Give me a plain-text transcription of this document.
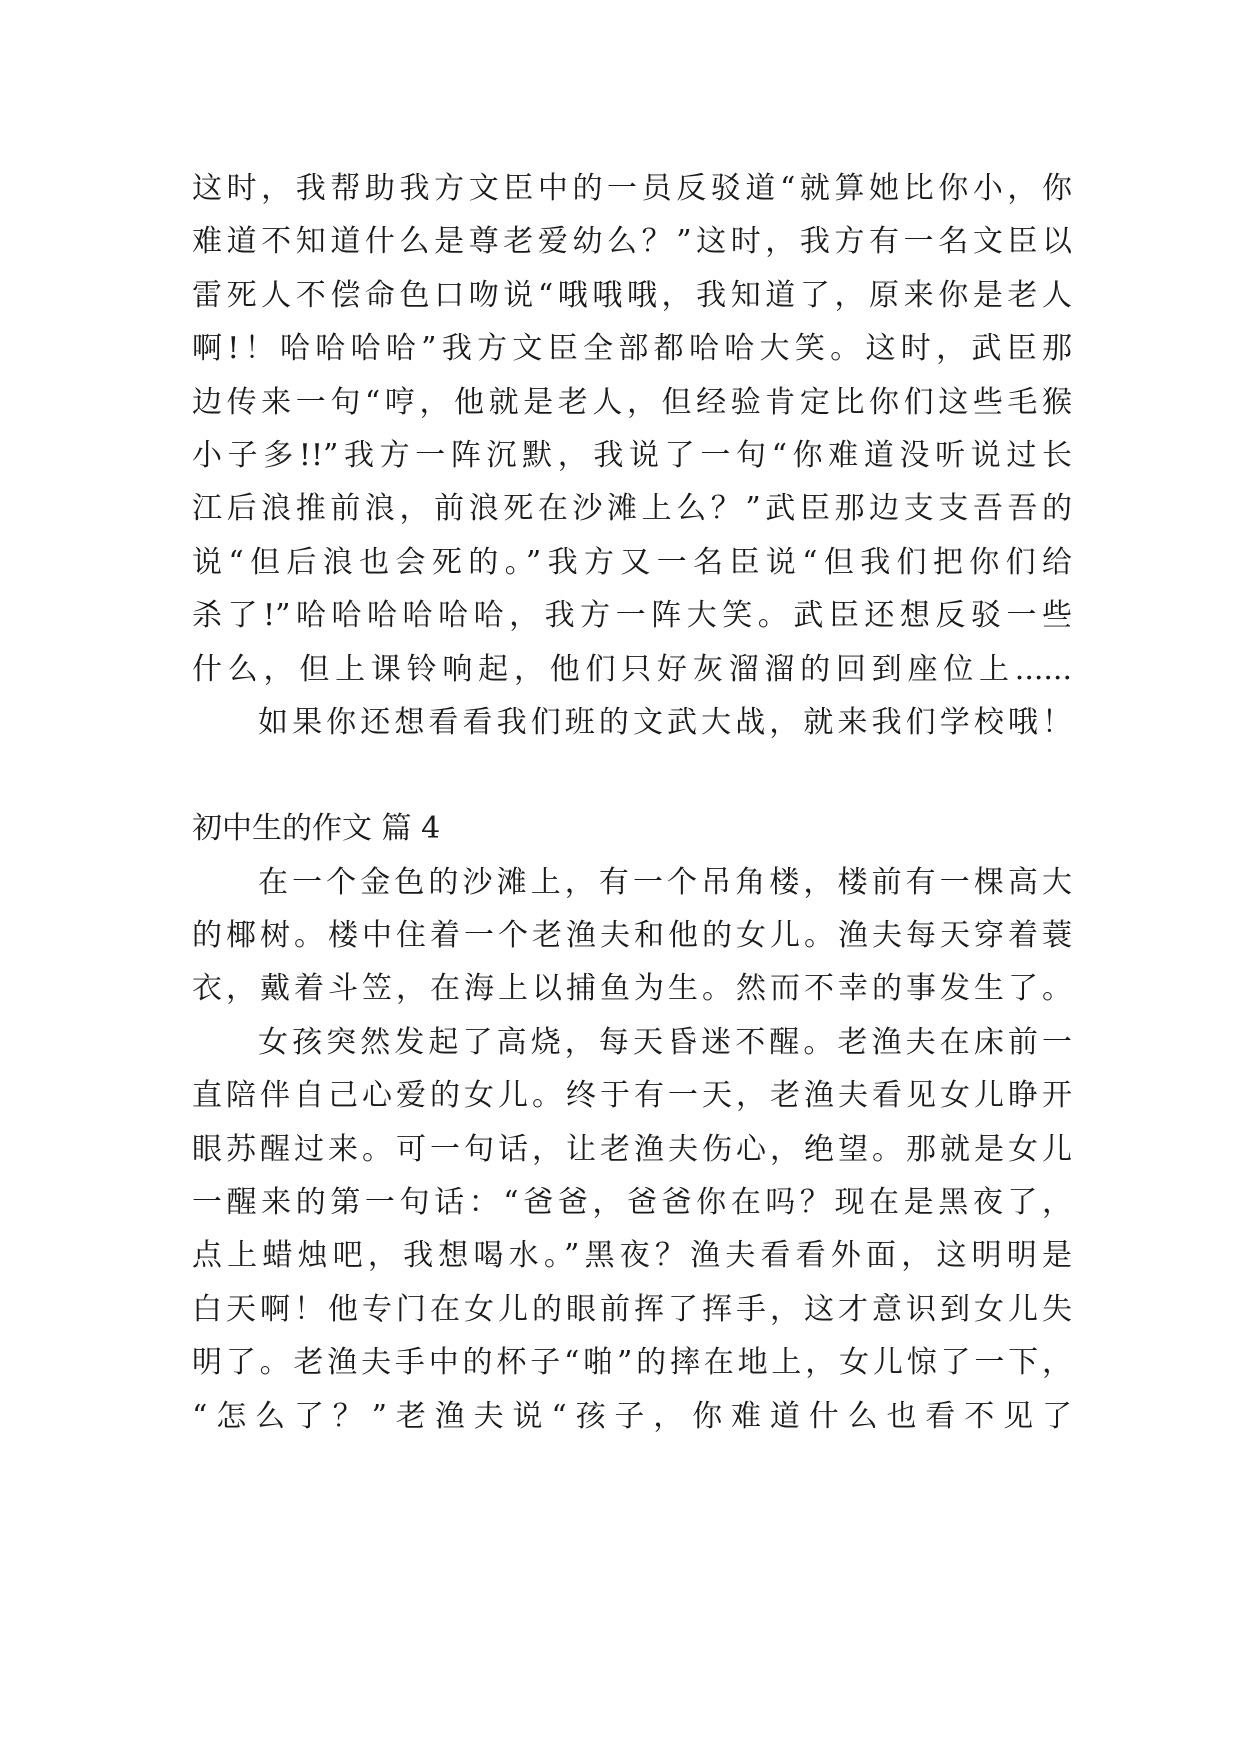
这时，我帮助我方文臣中的一员反驳道“就算她比你小，你
难道不知道什么是尊老爱幼么？”这时，我方有一名文臣以
雷死人不偿命色口吻说“哦哦哦，我知道了，原来你是老人
啊!！哈哈哈哈”我方文臣全部都哈哈大笑。这时，武臣那
边传来一句“哼，他就是老人，但经验肯定比你们这些毛猴
小子多!!”我方一阵沉默，我说了一句“你难道没听说过长
江后浪推前浪，前浪死在沙滩上么？”武臣那边支支吾吾的
说“但后浪也会死的。”我方又一名臣说“但我们把你们给
杀了!”哈哈哈哈哈哈，我方一阵大笑。武臣还想反驳一些
什么，但上课铃响起，他们只好灰溜溜的回到座位上......
如果你还想看看我们班的文武大战，就来我们学校哦！
初中生的作文 篇 4
在一个金色的沙滩上，有一个吊角楼，楼前有一棵高大
的椰树。楼中住着一个老渔夫和他的女儿。渔夫每天穿着蓑
衣，戴着斗笠，在海上以捕鱼为生。然而不幸的事发生了。
女孩突然发起了高烧，每天昏迷不醒。老渔夫在床前一
直陪伴自己心爱的女儿。终于有一天，老渔夫看见女儿睁开
眼苏醒过来。可一句话，让老渔夫伤心，绝望。那就是女儿
一醒来的第一句话：“爸爸，爸爸你在吗？现在是黑夜了，
点上蜡烛吧，我想喝水。”黑夜？渔夫看看外面，这明明是
白天啊！他专门在女儿的眼前挥了挥手，这才意识到女儿失
明了。老渔夫手中的杯子“啪”的摔在地上，女儿惊了一下，
“怎么了？”老渔夫说“孩子，你难道什么也看不见了
